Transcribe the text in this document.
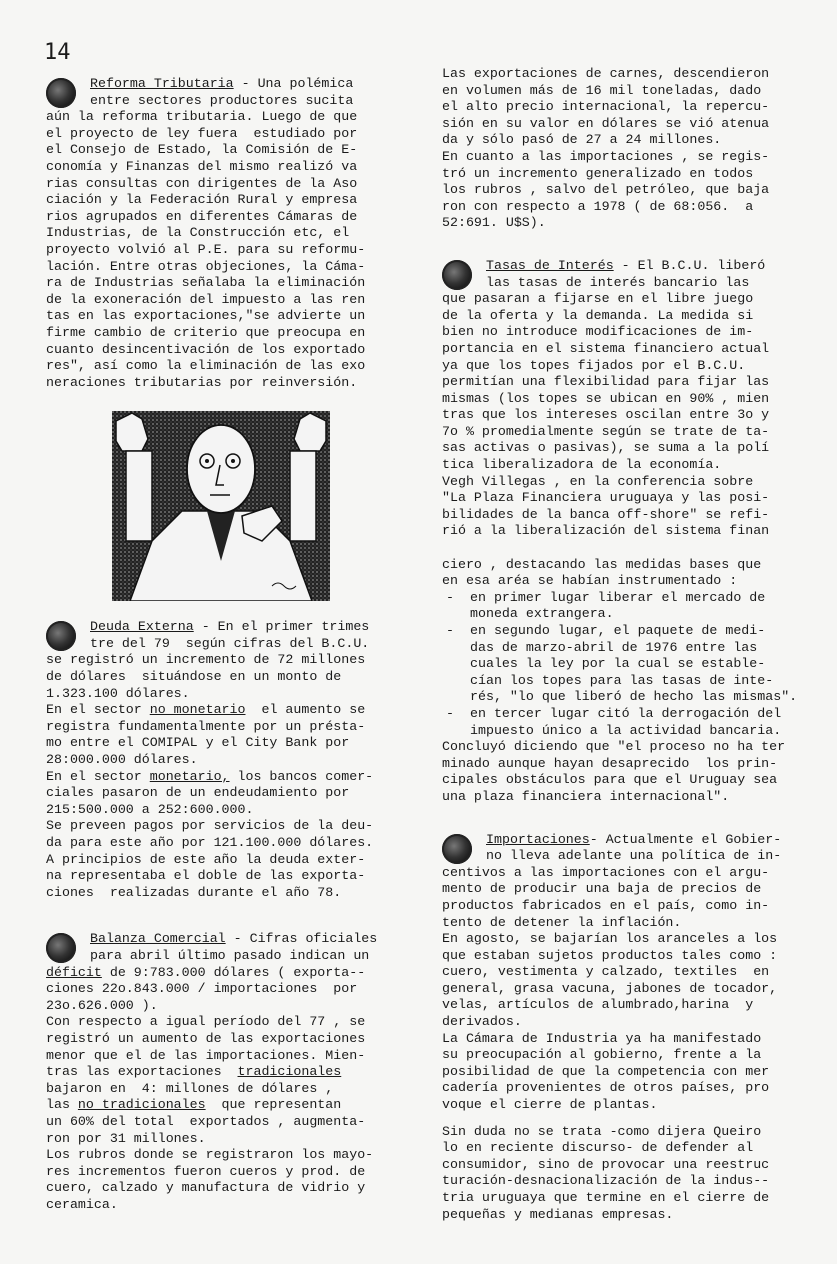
14

Reforma Tributaria - Una polémica
entre sectores productores sucita

aún la reforma tributaria. Luego de que
el proyecto de ley fuera  estudiado por
el Consejo de Estado, la Comisión de E-
conomía y Finanzas del mismo realizó va
rias consultas con dirigentes de la Aso
ciación y la Federación Rural y empresa
rios agrupados en diferentes Cámaras de
Industrias, de la Construcción etc, el
proyecto volvió al P.E. para su reformu-
lación. Entre otras objeciones, la Cáma-
ra de Industrias señalaba la eliminación
de la exoneración del impuesto a las ren
tas en las exportaciones,"se advierte un
firme cambio de criterio que preocupa en
cuanto desincentivación de los exportado
res", así como la eliminación de las exo
neraciones tributarias por reinversión.

Deuda Externa - En el primer trimes
tre del 79  según cifras del B.C.U.

se registró un incremento de 72 millones
de dólares  situándose en un monto de
1.323.100 dólares.
En el sector no monetario  el aumento se
registra fundamentalmente por un présta-
mo entre el COMIPAL y el City Bank por
28:000.000 dólares.
En el sector monetario, los bancos comer-
ciales pasaron de un endeudamiento por
215:500.000 a 252:600.000.
Se preveen pagos por servicios de la deu-
da para este año por 121.100.000 dólares.
A principios de este año la deuda exter-
na representaba el doble de las exporta-
ciones  realizadas durante el año 78.

Balanza Comercial - Cifras oficiales
para abril último pasado indican un

déficit de 9:783.000 dólares ( exporta--
ciones 22o.843.000 / importaciones  por
23o.626.000 ).
Con respecto a igual período del 77 , se
registró un aumento de las exportaciones
menor que el de las importaciones. Mien-
tras las exportaciones  tradicionales
bajaron en  4: millones de dólares ,
las no tradicionales  que representan
un 60% del total  exportados , augmenta-
ron por 31 millones.
Los rubros donde se registraron los mayo-
res incrementos fueron cueros y prod. de
cuero, calzado y manufactura de vidrio y
ceramica.

Las exportaciones de carnes, descendieron
en volumen más de 16 mil toneladas, dado
el alto precio internacional, la repercu-
sión en su valor en dólares se vió atenua
da y sólo pasó de 27 a 24 millones.
En cuanto a las importaciones , se regis-
tró un incremento generalizado en todos
los rubros , salvo del petróleo, que baja
ron con respecto a 1978 ( de 68:056.  a
52:691. U$S).

Tasas de Interés - El B.C.U. liberó
las tasas de interés bancario las

que pasaran a fijarse en el libre juego
de la oferta y la demanda. La medida si
bien no introduce modificaciones de im-
portancia en el sistema financiero actual
ya que los topes fijados por el B.C.U.
permitían una flexibilidad para fijar las
mismas (los topes se ubican en 90% , mien
tras que los intereses oscilan entre 3o y
7o % promedialmente según se trate de ta-
sas activas o pasivas), se suma a la polí
tica liberalizadora de la economía.
Vegh Villegas , en la conferencia sobre
"La Plaza Financiera uruguaya y las posi-
bilidades de la banca off-shore" se refi-
rió a la liberalización del sistema finan

ciero , destacando las medidas bases que
en esa aréa se habían instrumentado :

- en primer lugar liberar el mercado de
moneda extrangera.
- en segundo lugar, el paquete de medi-
das de marzo-abril de 1976 entre las
cuales la ley por la cual se estable-
cían los topes para las tasas de inte-
rés, "lo que liberó de hecho las mismas".
- en tercer lugar citó la derrogación del
impuesto único a la actividad bancaria.

Concluyó diciendo que "el proceso no ha ter
minado aunque hayan desaprecido  los prin-
cipales obstáculos para que el Uruguay sea
una plaza financiera internacional".

Importaciones- Actualmente el Gobier-
no lleva adelante una política de in-

centivos a las importaciones con el argu-
mento de producir una baja de precios de
productos fabricados en el país, como in-
tento de detener la inflación.
En agosto, se bajarían los aranceles a los
que estaban sujetos productos tales como :
cuero, vestimenta y calzado, textiles  en
general, grasa vacuna, jabones de tocador,
velas, artículos de alumbrado,harina  y
derivados.
La Cámara de Industria ya ha manifestado
su preocupación al gobierno, frente a la
posibilidad de que la competencia con mer
cadería provenientes de otros países, pro
voque el cierre de plantas.

Sin duda no se trata -como dijera Queiro
lo en reciente discurso- de defender al
consumidor, sino de provocar una reestruc
turación-desnacionalización de la indus--
tria uruguaya que termine en el cierre de
pequeñas y medianas empresas.
